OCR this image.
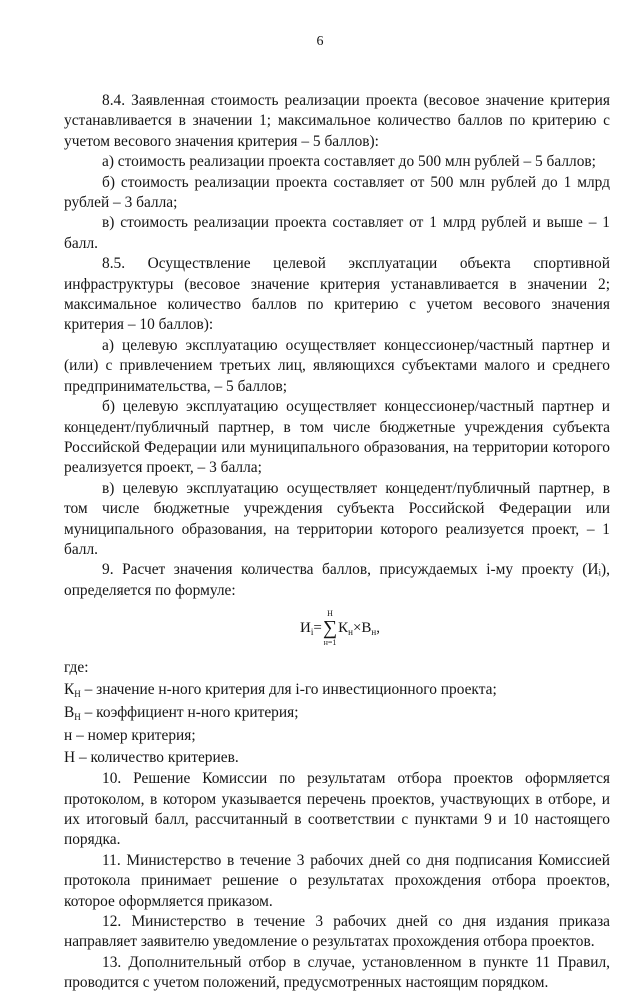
6

8.4. Заявленная стоимость реализации проекта (весовое значение критерия устанавливается в значении 1; максимальное количество баллов по критерию с учетом весового значения критерия – 5 баллов):

а) стоимость реализации проекта составляет до 500 млн рублей – 5 баллов;

б) стоимость реализации проекта составляет от 500 млн рублей до 1 млрд рублей – 3 балла;

в) стоимость реализации проекта составляет от 1 млрд рублей и выше – 1 балл.

8.5. Осуществление целевой эксплуатации объекта спортивной инфраструктуры (весовое значение критерия устанавливается в значении 2; максимальное количество баллов по критерию с учетом весового значения критерия – 10 баллов):

а) целевую эксплуатацию осуществляет концессионер/частный партнер и (или) с привлечением третьих лиц, являющихся субъектами малого и среднего предпринимательства, – 5 баллов;

б) целевую эксплуатацию осуществляет концессионер/частный партнер и концедент/публичный партнер, в том числе бюджетные учреждения субъекта Российской Федерации или муниципального образования, на территории которого реализуется проект, – 3 балла;

в) целевую эксплуатацию осуществляет концедент/публичный партнер, в том числе бюджетные учреждения субъекта Российской Федерации или муниципального образования, на территории которого реализуется проект, – 1 балл.

9. Расчет значения количества баллов, присуждаемых i-му проекту (Иᵢ), определяется по формуле:

И i =
Н
∑
н=1
К н × В н ,

где:

КН – значение н-ного критерия для i-го инвестиционного проекта;

ВН – коэффициент н-ного критерия;

н – номер критерия;

Н – количество критериев.

10. Решение Комиссии по результатам отбора проектов оформляется протоколом, в котором указывается перечень проектов, участвующих в отборе, и их итоговый балл, рассчитанный в соответствии с пунктами 9 и 10 настоящего порядка.

11. Министерство в течение 3 рабочих дней со дня подписания Комиссией протокола принимает решение о результатах прохождения отбора проектов, которое оформляется приказом.

12. Министерство в течение 3 рабочих дней со дня издания приказа направляет заявителю уведомление о результатах прохождения отбора проектов.

13. Дополнительный отбор в случае, установленном в пункте 11 Правил, проводится с учетом положений, предусмотренных настоящим порядком.
